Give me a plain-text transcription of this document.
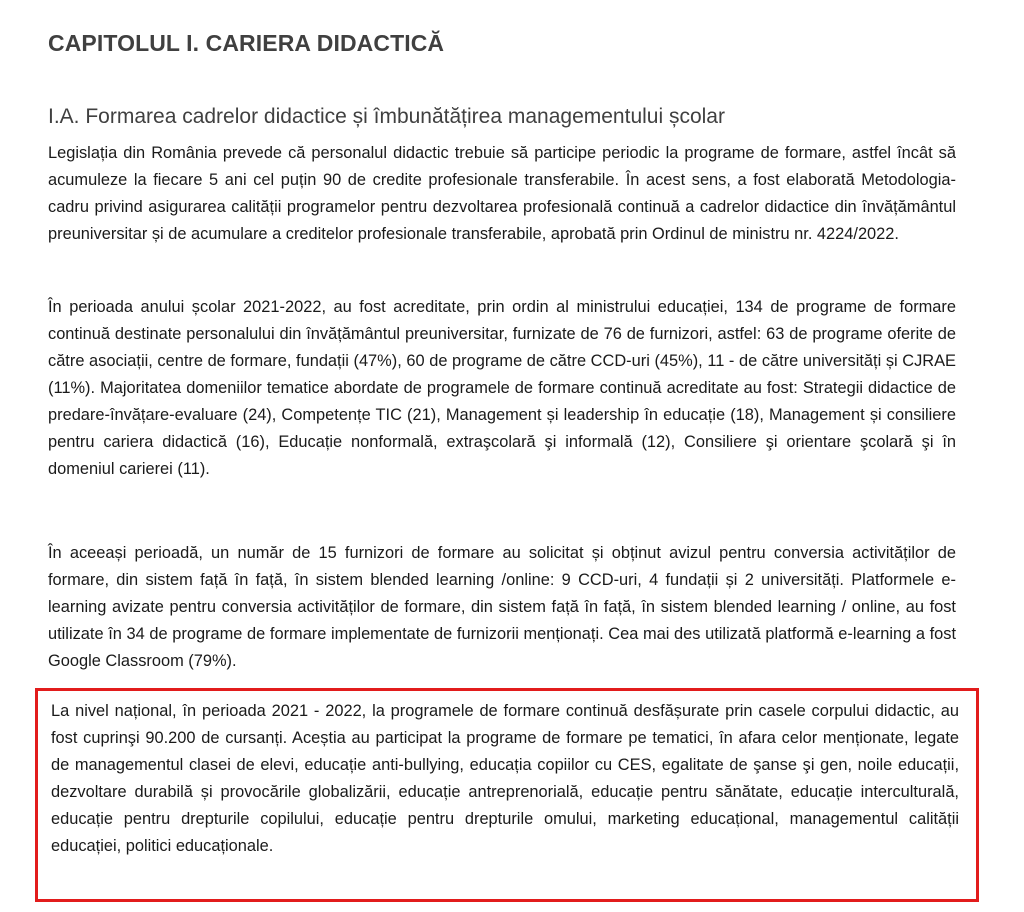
CAPITOLUL I. CARIERA DIDACTICĂ
I.A. Formarea cadrelor didactice și îmbunătățirea managementului școlar

Legislația din România prevede că personalul didactic trebuie să participe periodic la programe de formare, astfel încât să acumuleze la fiecare 5 ani cel puțin 90 de credite profesionale transferabile. În acest sens, a fost elaborată Metodologia-cadru privind asigurarea calității programelor pentru dezvoltarea profesională continuă a cadrelor didactice din învățământul preuniversitar și de acumulare a creditelor profesionale transferabile, aprobată prin Ordinul de ministru nr. 4224/2022.

În perioada anului școlar 2021-2022, au fost acreditate, prin ordin al ministrului educației, 134 de programe de formare continuă destinate personalului din învățământul preuniversitar, furnizate de 76 de furnizori, astfel: 63 de programe oferite de către asociații, centre de formare, fundații (47%), 60 de programe de către CCD-uri (45%), 11 - de către universități și CJRAE (11%). Majoritatea domeniilor tematice abordate de programele de formare continuă acreditate au fost: Strategii didactice de predare-învățare-evaluare (24), Competențe TIC (21), Management și leadership în educație (18), Management și consiliere pentru cariera didactică (16), Educație nonformală, extraşcolară şi informală (12), Consiliere şi orientare şcolară şi în domeniul carierei (11).

În aceeași perioadă, un număr de 15 furnizori de formare au solicitat și obținut avizul pentru conversia activităților de formare, din sistem față în față, în sistem blended learning /online: 9 CCD-uri, 4 fundații și 2 universități. Platformele e-learning avizate pentru conversia activităților de formare, din sistem față în față, în sistem blended learning / online, au fost utilizate în 34 de programe de formare implementate de furnizorii menționați. Cea mai des utilizată platformă e-learning a fost Google Classroom (79%).

La nivel național, în perioada 2021 - 2022, la programele de formare continuă desfășurate prin casele corpului didactic, au fost cuprinşi 90.200 de cursanți. Aceștia au participat la programe de formare pe tematici, în afara celor menționate, legate de managementul clasei de elevi, educație anti-bullying, educația copiilor cu CES, egalitate de şanse şi gen, noile educații, dezvoltare durabilă și provocările globalizării, educație antreprenorială, educație pentru sănătate, educație interculturală, educație pentru drepturile copilului, educație pentru drepturile omului, marketing educațional, managementul calității educației, politici educaționale.
